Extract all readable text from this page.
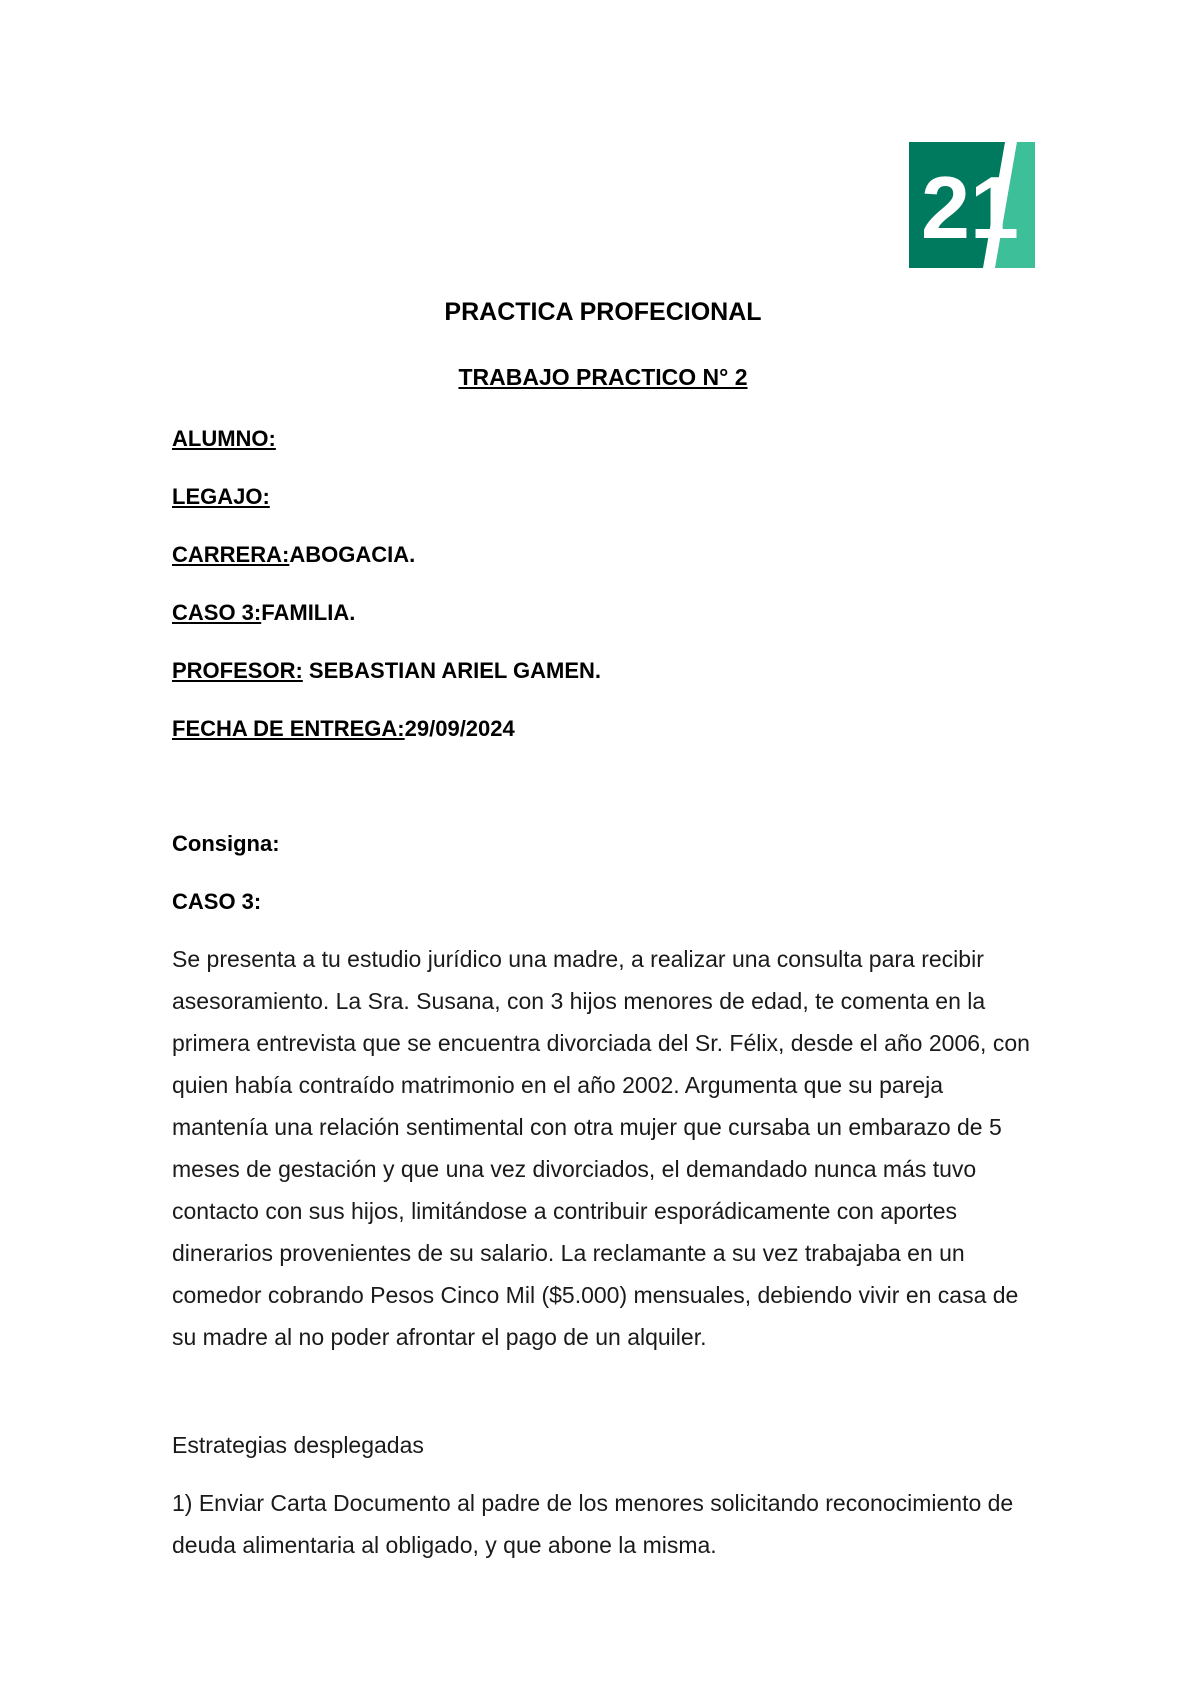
21
PRACTICA PROFECIONAL
TRABAJO PRACTICO N° 2

ALUMNO:

LEGAJO:

CARRERA:ABOGACIA.

CASO 3:FAMILIA.

PROFESOR: SEBASTIAN ARIEL GAMEN.

FECHA DE ENTREGA:29/09/2024

Consigna:

CASO 3:

Se presenta a tu estudio jurídico una madre, a realizar una consulta para recibir asesoramiento. La Sra. Susana, con 3 hijos menores de edad, te comenta en la primera entrevista que se encuentra divorciada del Sr. Félix, desde el año 2006, con quien había contraído matrimonio en el año 2002. Argumenta que su pareja mantenía una relación sentimental con otra mujer que cursaba un embarazo de 5 meses de gestación y que una vez divorciados, el demandado nunca más tuvo contacto con sus hijos, limitándose a contribuir esporádicamente con aportes dinerarios provenientes de su salario. La reclamante a su vez trabajaba en un comedor cobrando Pesos Cinco Mil ($5.000) mensuales, debiendo vivir en casa de su madre al no poder afrontar el pago de un alquiler.

Estrategias desplegadas

1) Enviar Carta Documento al padre de los menores solicitando reconocimiento de deuda alimentaria al obligado, y que abone la misma.
